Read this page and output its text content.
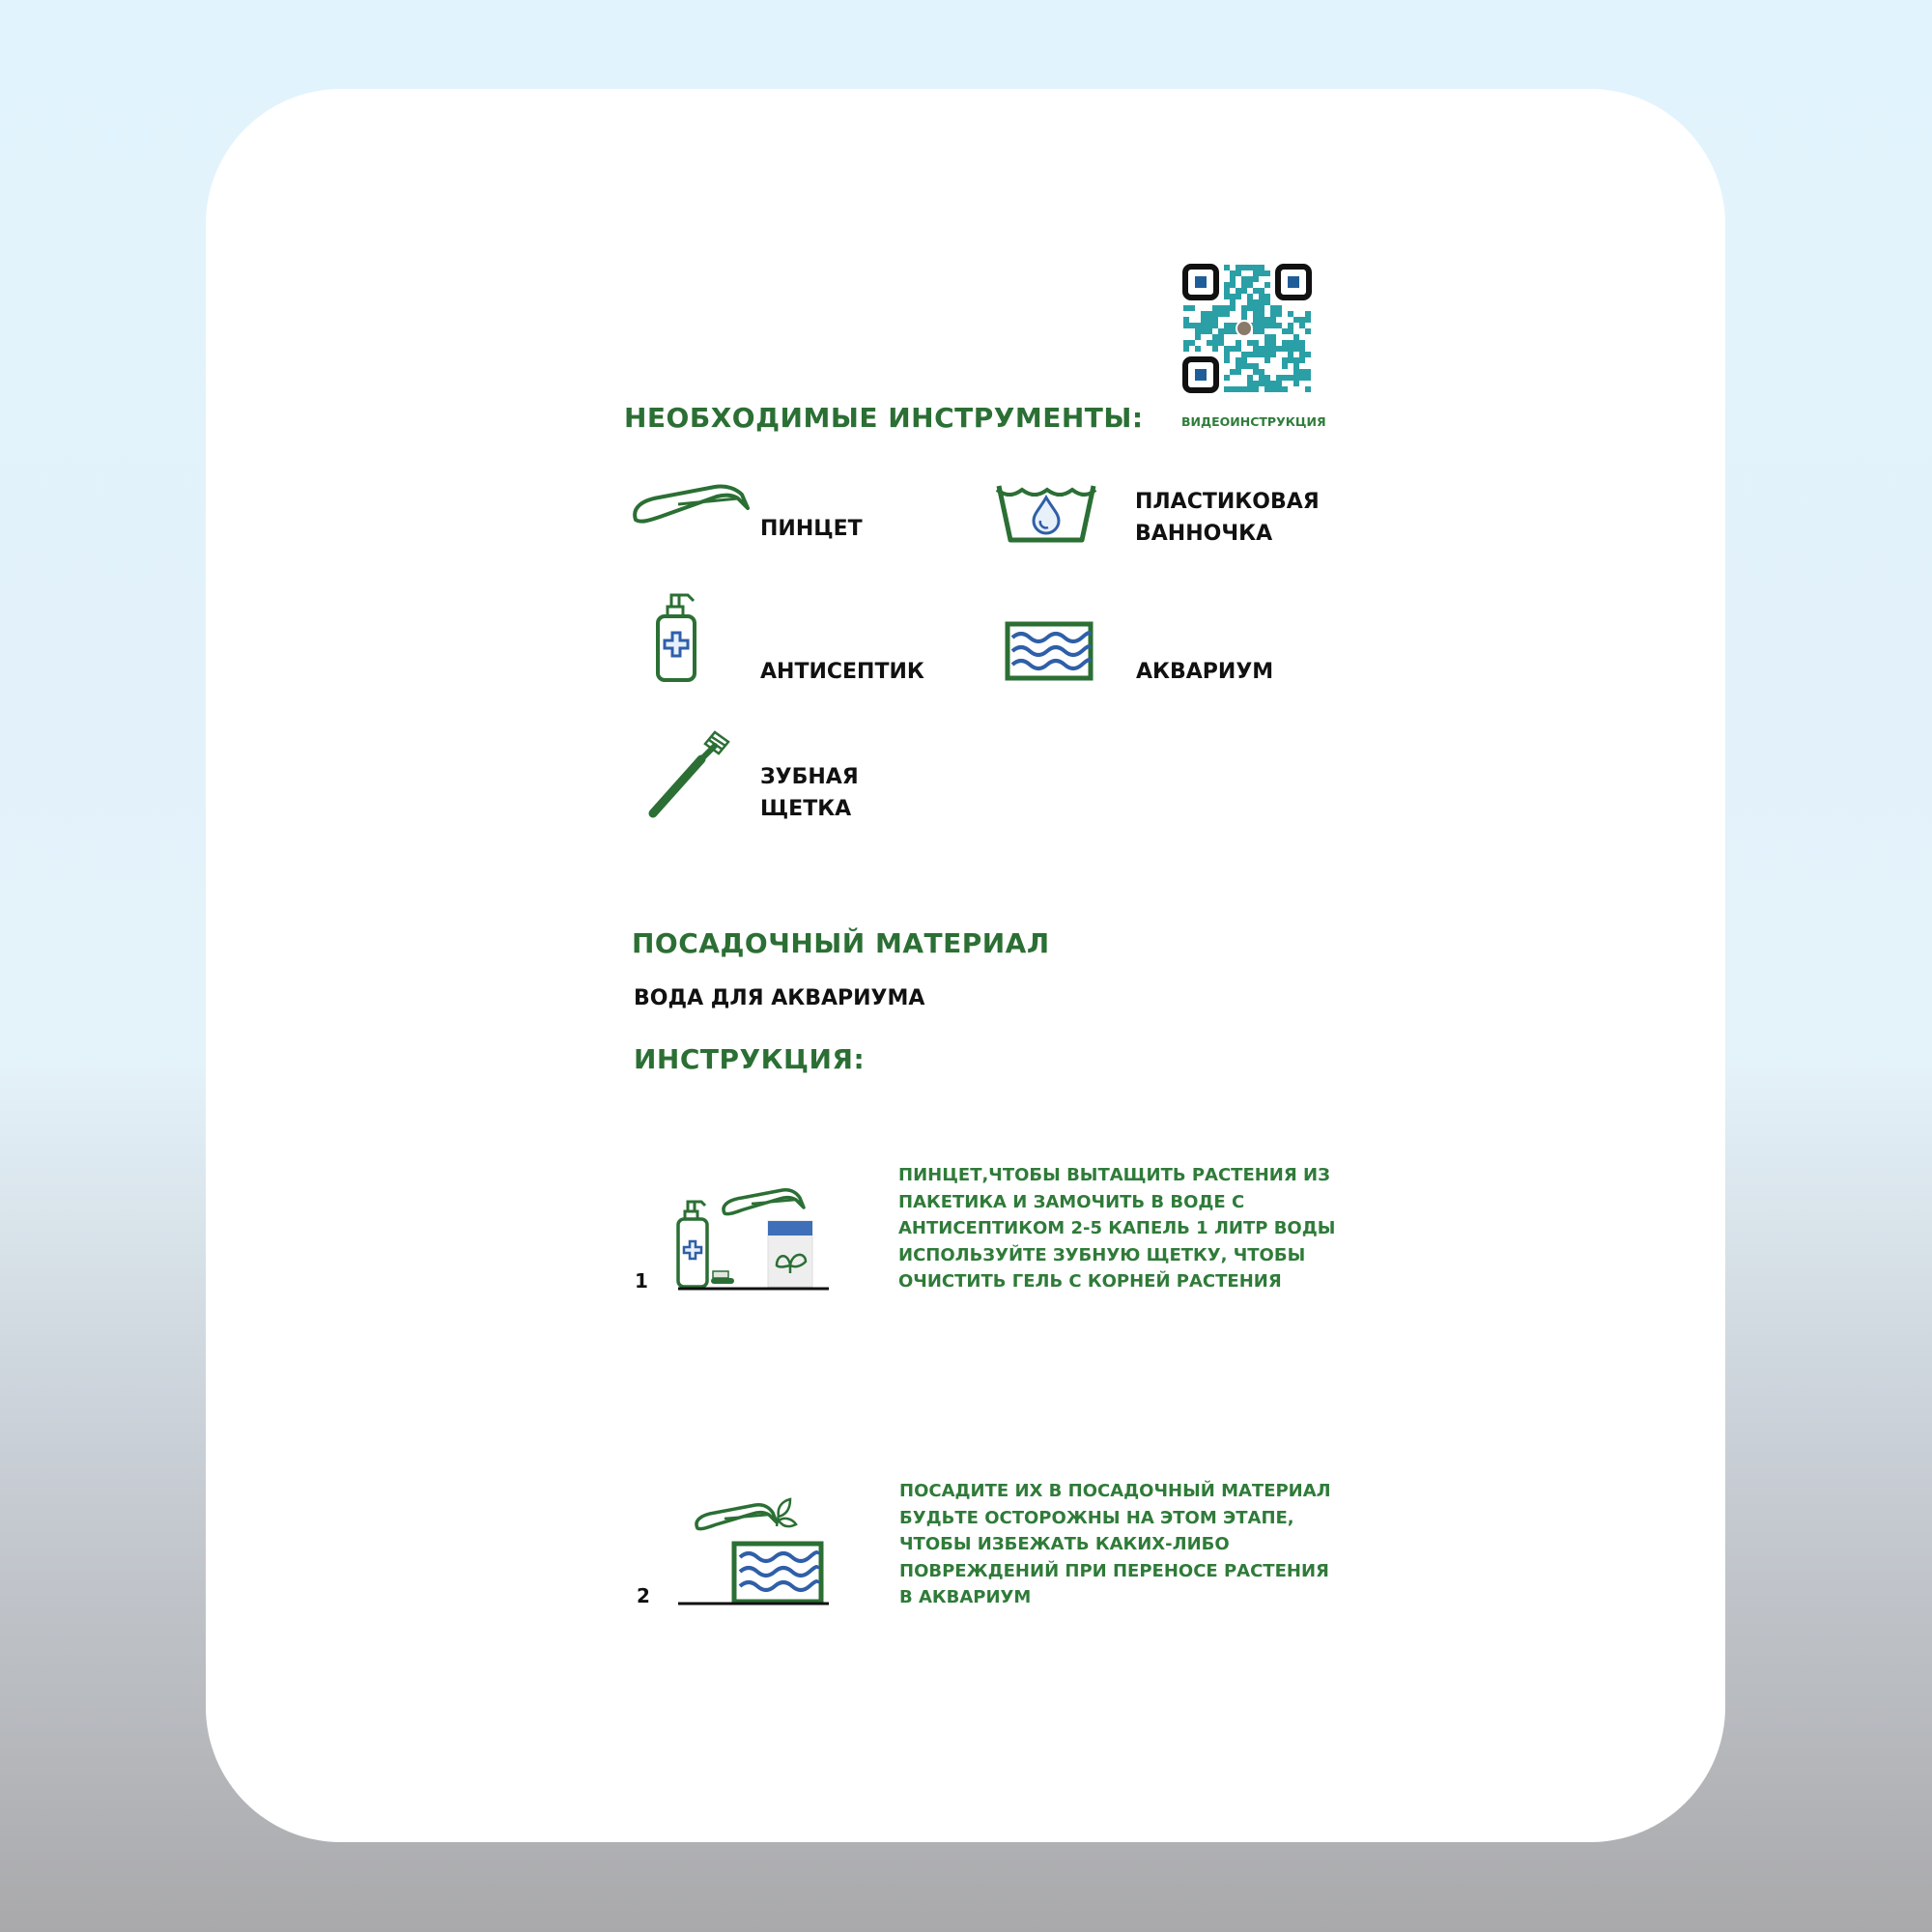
ВИДЕОИНСТРУКЦИЯ
НЕОБХОДИМЫЕ ИНСТРУМЕНТЫ:
ПИНЦЕТ
ПЛАСТИКОВАЯ
ВАННОЧКА
АНТИСЕПТИК	АКВАРИУМ
ЗУБНАЯ
ЩЕТКА
ПОСАДОЧНЫЙ МАТЕРИАЛ
ВОДА ДЛЯ АКВАРИУМА
ИНСТРУКЦИЯ:
1
ПИНЦЕТ,ЧТОБЫ ВЫТАЩИТЬ РАСТЕНИЯ ИЗ
ПАКЕТИКА И ЗАМОЧИТЬ В ВОДЕ С
АНТИСЕПТИКОМ 2-5 КАПЕЛЬ 1 ЛИТР ВОДЫ
ИСПОЛЬЗУЙТЕ ЗУБНУЮ ЩЕТКУ, ЧТОБЫ
ОЧИСТИТЬ ГЕЛЬ С КОРНЕЙ РАСТЕНИЯ
2
ПОСАДИТЕ ИХ В ПОСАДОЧНЫЙ МАТЕРИАЛ
БУДЬТЕ ОСТОРОЖНЫ НА ЭТОМ ЭТАПЕ,
ЧТОБЫ ИЗБЕЖАТЬ КАКИХ-ЛИБО
ПОВРЕЖДЕНИЙ ПРИ ПЕРЕНОСЕ РАСТЕНИЯ
В АКВАРИУМ
